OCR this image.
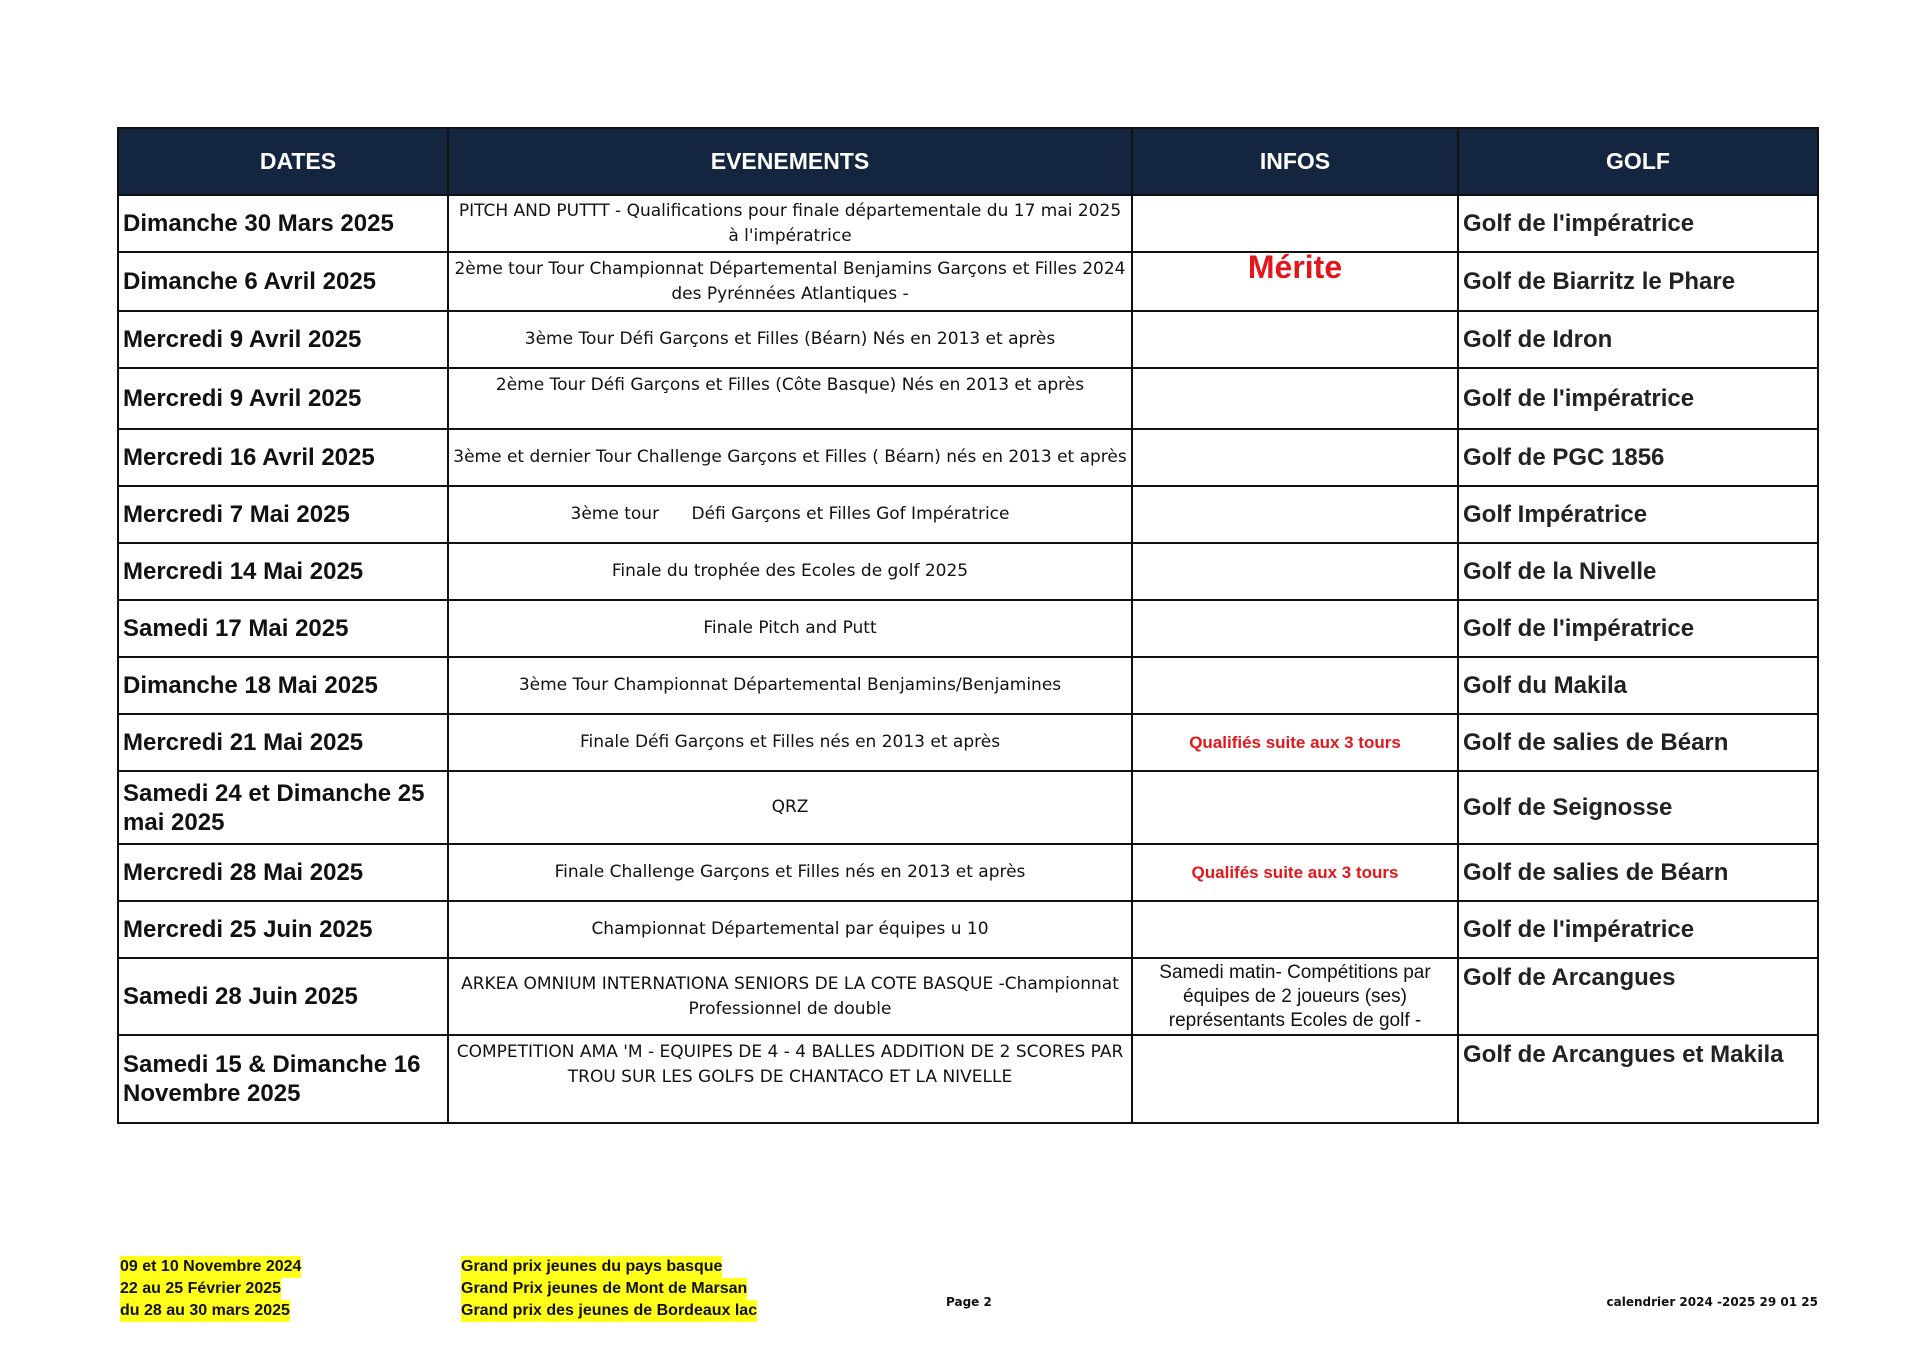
DATES	EVENEMENTS	INFOS	GOLF
Dimanche 30 Mars 2025	PITCH AND PUTTT - Qualifications pour finale départementale du 17 mai 2025 à l'impératrice		Golf de l'impératrice
Dimanche 6 Avril 2025	2ème tour Tour Championnat Départemental Benjamins Garçons et Filles 2024 des Pyrénnées Atlantiques -	Mérite	Golf de Biarritz le Phare
Mercredi 9 Avril 2025	3ème Tour Défi Garçons et Filles (Béarn) Nés en 2013 et après		Golf de Idron
Mercredi 9 Avril 2025	2ème Tour Défi Garçons et Filles (Côte Basque) Nés en 2013 et après		Golf de l'impératrice
Mercredi 16 Avril 2025	3ème et dernier Tour Challenge Garçons et Filles ( Béarn) nés en 2013 et après		Golf de PGC 1856
Mercredi 7 Mai 2025	3ème tour      Défi Garçons et Filles Gof Impératrice		Golf Impératrice
Mercredi 14 Mai 2025	Finale du trophée des Ecoles de golf 2025		Golf de la Nivelle
Samedi 17 Mai 2025	Finale Pitch and Putt		Golf de l'impératrice
Dimanche 18 Mai 2025	3ème Tour Championnat Départemental Benjamins/Benjamines		Golf du Makila
Mercredi 21 Mai 2025	Finale Défi Garçons et Filles nés en 2013 et après	Qualifiés suite aux 3 tours	Golf de salies de Béarn
Samedi 24 et Dimanche 25 mai 2025	QRZ		Golf de Seignosse
Mercredi 28 Mai 2025	Finale Challenge Garçons et Filles nés en 2013 et après	Qualifés suite aux 3 tours	Golf de salies de Béarn
Mercredi 25 Juin 2025	Championnat Départemental par équipes u 10		Golf de l'impératrice
Samedi 28 Juin 2025	ARKEA OMNIUM INTERNATIONA SENIORS DE LA COTE BASQUE -Championnat Professionnel de double	Samedi matin- Compétitions par équipes de 2 joueurs (ses) représentants Ecoles de golf -	Golf de Arcangues
Samedi 15 & Dimanche 16 Novembre 2025	COMPETITION AMA 'M - EQUIPES DE 4 - 4 BALLES ADDITION DE 2 SCORES PAR TROU SUR LES GOLFS DE CHANTACO ET LA NIVELLE		Golf de Arcangues et Makila
09 et 10 Novembre 2024	Grand prix jeunes du pays basque
22 au 25 Février 2025	Grand Prix jeunes de Mont de Marsan
du 28 au 30 mars 2025	Grand prix des jeunes de Bordeaux lac	Page 2	calendrier 2024 -2025 29 01 25
